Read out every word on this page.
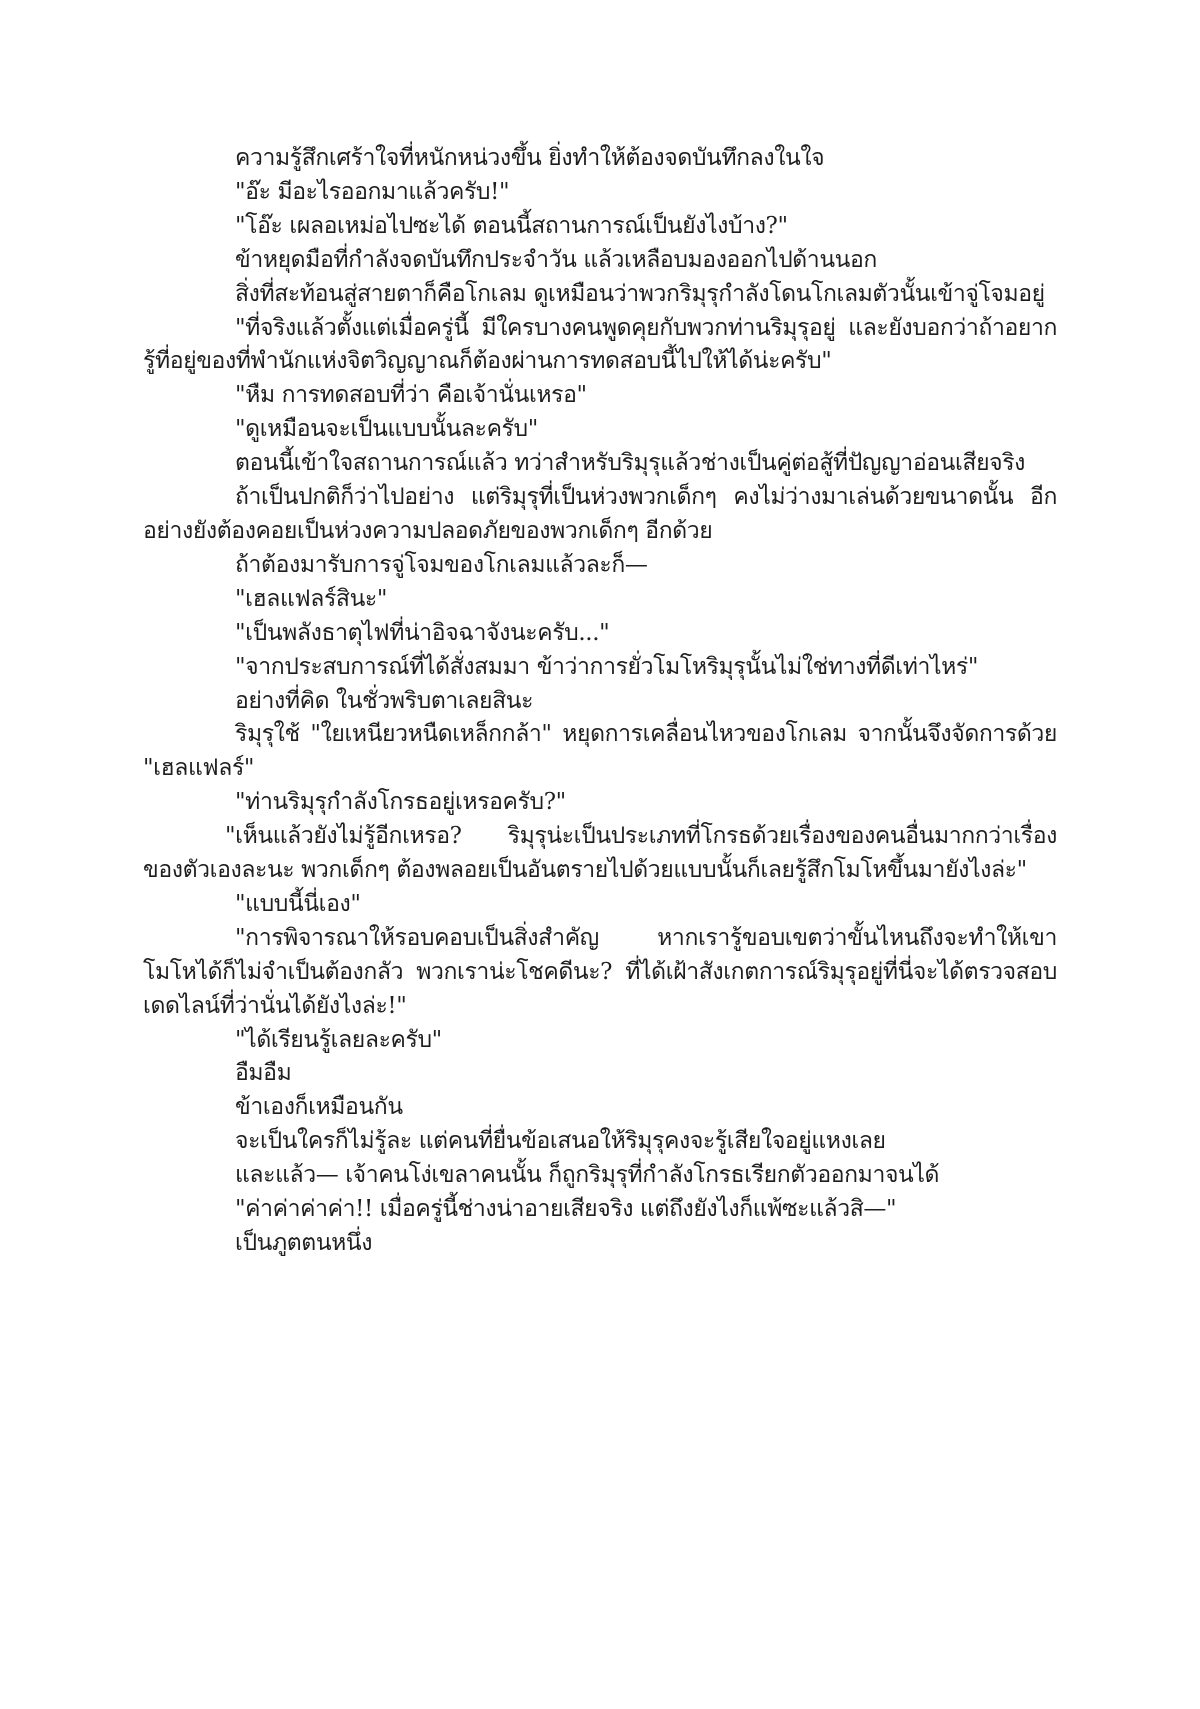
ความรู้สึกเศร้าใจที่หนักหน่วงขึ้น ยิ่งทำให้ต้องจดบันทึกลงในใจ

"อ๊ะ มีอะไรออกมาแล้วครับ!"

"โอ๊ะ เผลอเหม่อไปซะได้ ตอนนี้สถานการณ์เป็นยังไงบ้าง?"

ข้าหยุดมือที่กำลังจดบันทึกประจำวัน แล้วเหลือบมองออกไปด้านนอก

สิ่งที่สะท้อนสู่สายตาก็คือโกเลม ดูเหมือนว่าพวกริมุรุกำลังโดนโกเลมตัวนั้นเข้าจู่โจมอยู่

"ที่จริงแล้วตั้งแต่เมื่อครู่นี้ มีใครบางคนพูดคุยกับพวกท่านริมุรุอยู่ และยังบอกว่าถ้าอยากรู้ที่อยู่ของที่พำนักแห่งจิตวิญญาณก็ต้องผ่านการทดสอบนี้ไปให้ได้น่ะครับ"

"หืม การทดสอบที่ว่า คือเจ้านั่นเหรอ"

"ดูเหมือนจะเป็นแบบนั้นละครับ"

ตอนนี้เข้าใจสถานการณ์แล้ว ทว่าสำหรับริมุรุแล้วช่างเป็นคู่ต่อสู้ที่ปัญญาอ่อนเสียจริง

ถ้าเป็นปกติก็ว่าไปอย่าง แต่ริมุรุที่เป็นห่วงพวกเด็กๆ คงไม่ว่างมาเล่นด้วยขนาดนั้น อีกอย่างยังต้องคอยเป็นห่วงความปลอดภัยของพวกเด็กๆ อีกด้วย

ถ้าต้องมารับการจู่โจมของโกเลมแล้วละก็—

"เฮลแฟลร์สินะ"

"เป็นพลังธาตุไฟที่น่าอิจฉาจังนะครับ..."

"จากประสบการณ์ที่ได้สั่งสมมา ข้าว่าการยั่วโมโหริมุรุนั้นไม่ใช่ทางที่ดีเท่าไหร่"

อย่างที่คิด ในชั่วพริบตาเลยสินะ

ริมุรุใช้ "ใยเหนียวหนืดเหล็กกล้า" หยุดการเคลื่อนไหวของโกเลม จากนั้นจึงจัดการด้วย "เฮลแฟลร์"

"ท่านริมุรุกำลังโกรธอยู่เหรอครับ?"

"เห็นแล้วยังไม่รู้อีกเหรอ? ริมุรุน่ะเป็นประเภทที่โกรธด้วยเรื่องของคนอื่นมากกว่าเรื่องของตัวเองละนะ พวกเด็กๆ ต้องพลอยเป็นอันตรายไปด้วยแบบนั้นก็เลยรู้สึกโมโหขึ้นมายังไงล่ะ"

"แบบนี้นี่เอง"

"การพิจารณาให้รอบคอบเป็นสิ่งสำคัญ หากเรารู้ขอบเขตว่าขั้นไหนถึงจะทำให้เขาโมโหได้ก็ไม่จำเป็นต้องกลัว พวกเราน่ะโชคดีนะ? ที่ได้เฝ้าสังเกตการณ์ริมุรุอยู่ที่นี่จะได้ตรวจสอบเดดไลน์ที่ว่านั่นได้ยังไงล่ะ!"

"ได้เรียนรู้เลยละครับ"

อืมอืม

ข้าเองก็เหมือนกัน

จะเป็นใครก็ไม่รู้ละ แต่คนที่ยื่นข้อเสนอให้ริมุรุคงจะรู้เสียใจอยู่แหงเลย

และแล้ว— เจ้าคนโง่เขลาคนนั้น ก็ถูกริมุรุที่กำลังโกรธเรียกตัวออกมาจนได้

"ค่าค่าค่าค่า!! เมื่อครู่นี้ช่างน่าอายเสียจริง แต่ถึงยังไงก็แพ้ซะแล้วสิ—"

เป็นภูตตนหนึ่ง
